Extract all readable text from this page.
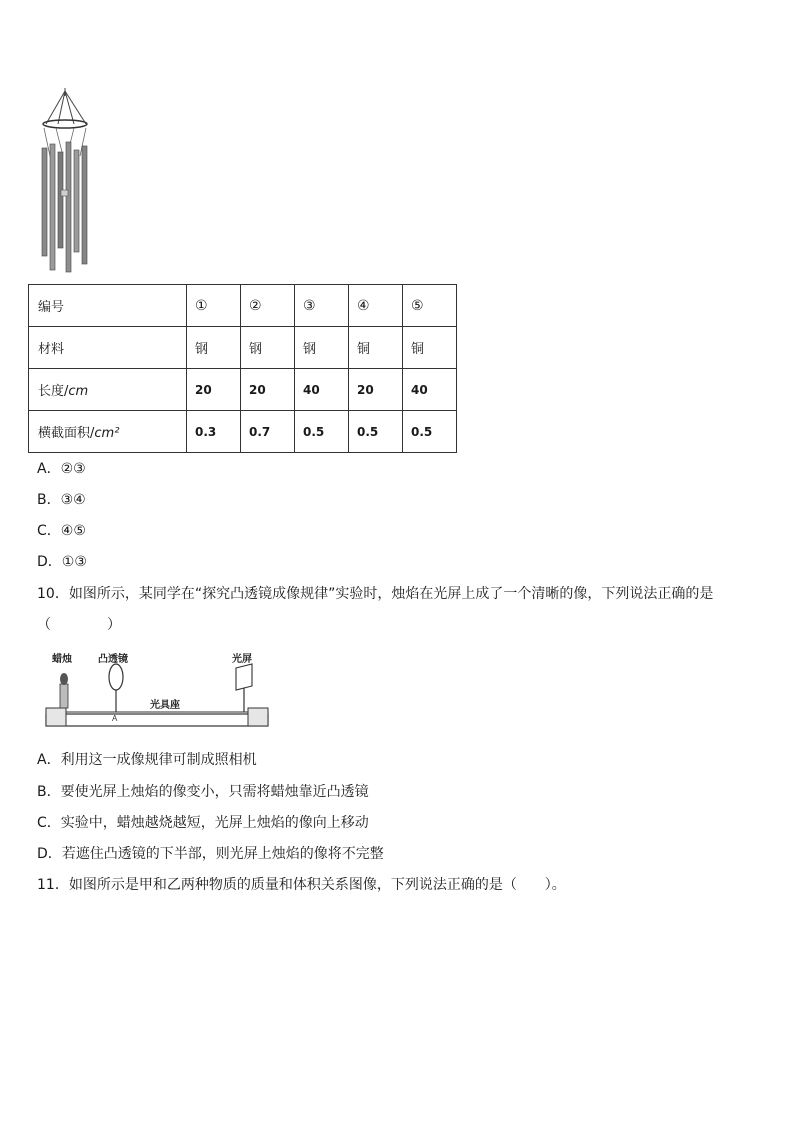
编号	①	②	③	④	⑤
材料	钢	钢	钢	铜	铜
长度/cm	20	20	40	20	40
横截面积/cm²	0.3	0.7	0.5	0.5	0.5
A．②③
B．③④
C．④⑤
D．①③
10．如图所示，某同学在“探究凸透镜成像规律”实验时，烛焰在光屏上成了一个清晰的像，下列说法正确的是
（　　　　）
A
蜡烛	凸透镜	光屏
光具座
A．利用这一成像规律可制成照相机
B．要使光屏上烛焰的像变小，只需将蜡烛靠近凸透镜
C．实验中，蜡烛越烧越短，光屏上烛焰的像向上移动
D．若遮住凸透镜的下半部，则光屏上烛焰的像将不完整
11．如图所示是甲和乙两种物质的质量和体积关系图像，下列说法正确的是（　　）。
